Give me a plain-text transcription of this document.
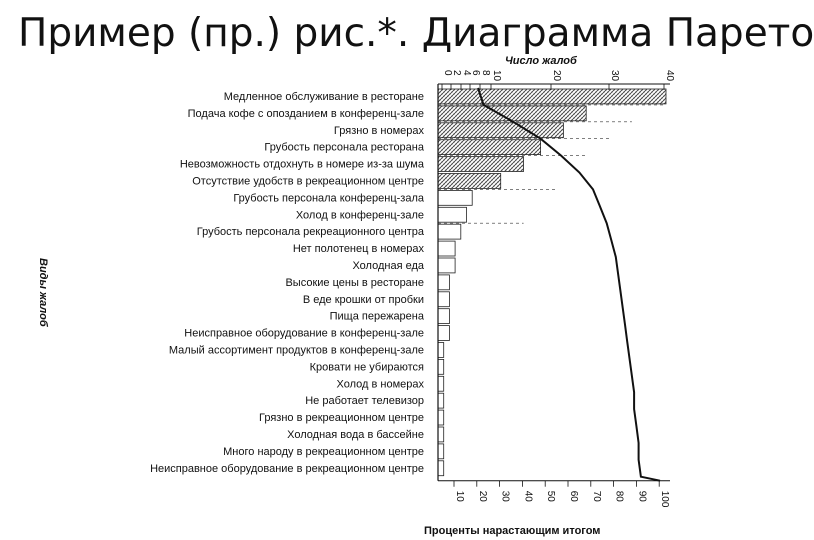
Пример (пр.) рис.*. Диаграмма Парето
Медленное обслуживание в ресторане
Подача кофе с опозданием в конференц-зале
Грязно в номерах
Грубость персонала ресторана
Невозможность отдохнуть в номере из-за шума
Отсутствие удобств в рекреационном центре
Грубость персонала конференц-зала
Холод в конференц-зале
Грубость персонала рекреационного центра
Нет полотенец в номерах
Холодная еда
Высокие цены в ресторане
В еде крошки от пробки
Пища пережарена
Неисправное оборудование в конференц-зале
Малый ассортимент продуктов в конференц-зале
Кровати не убираются
Холод в номерах
Не работает телевизор
Грязно в рекреационном центре
Холодная вода в бассейне
Много народу в рекреационном центре
Неисправное оборудование в рекреационном центре
0
2 4
6 8 10	20	30	40
10 20 30 40 50 60 70 80 90 100
Число жалоб
Проценты нарастающим итогом
Виды жалоб
